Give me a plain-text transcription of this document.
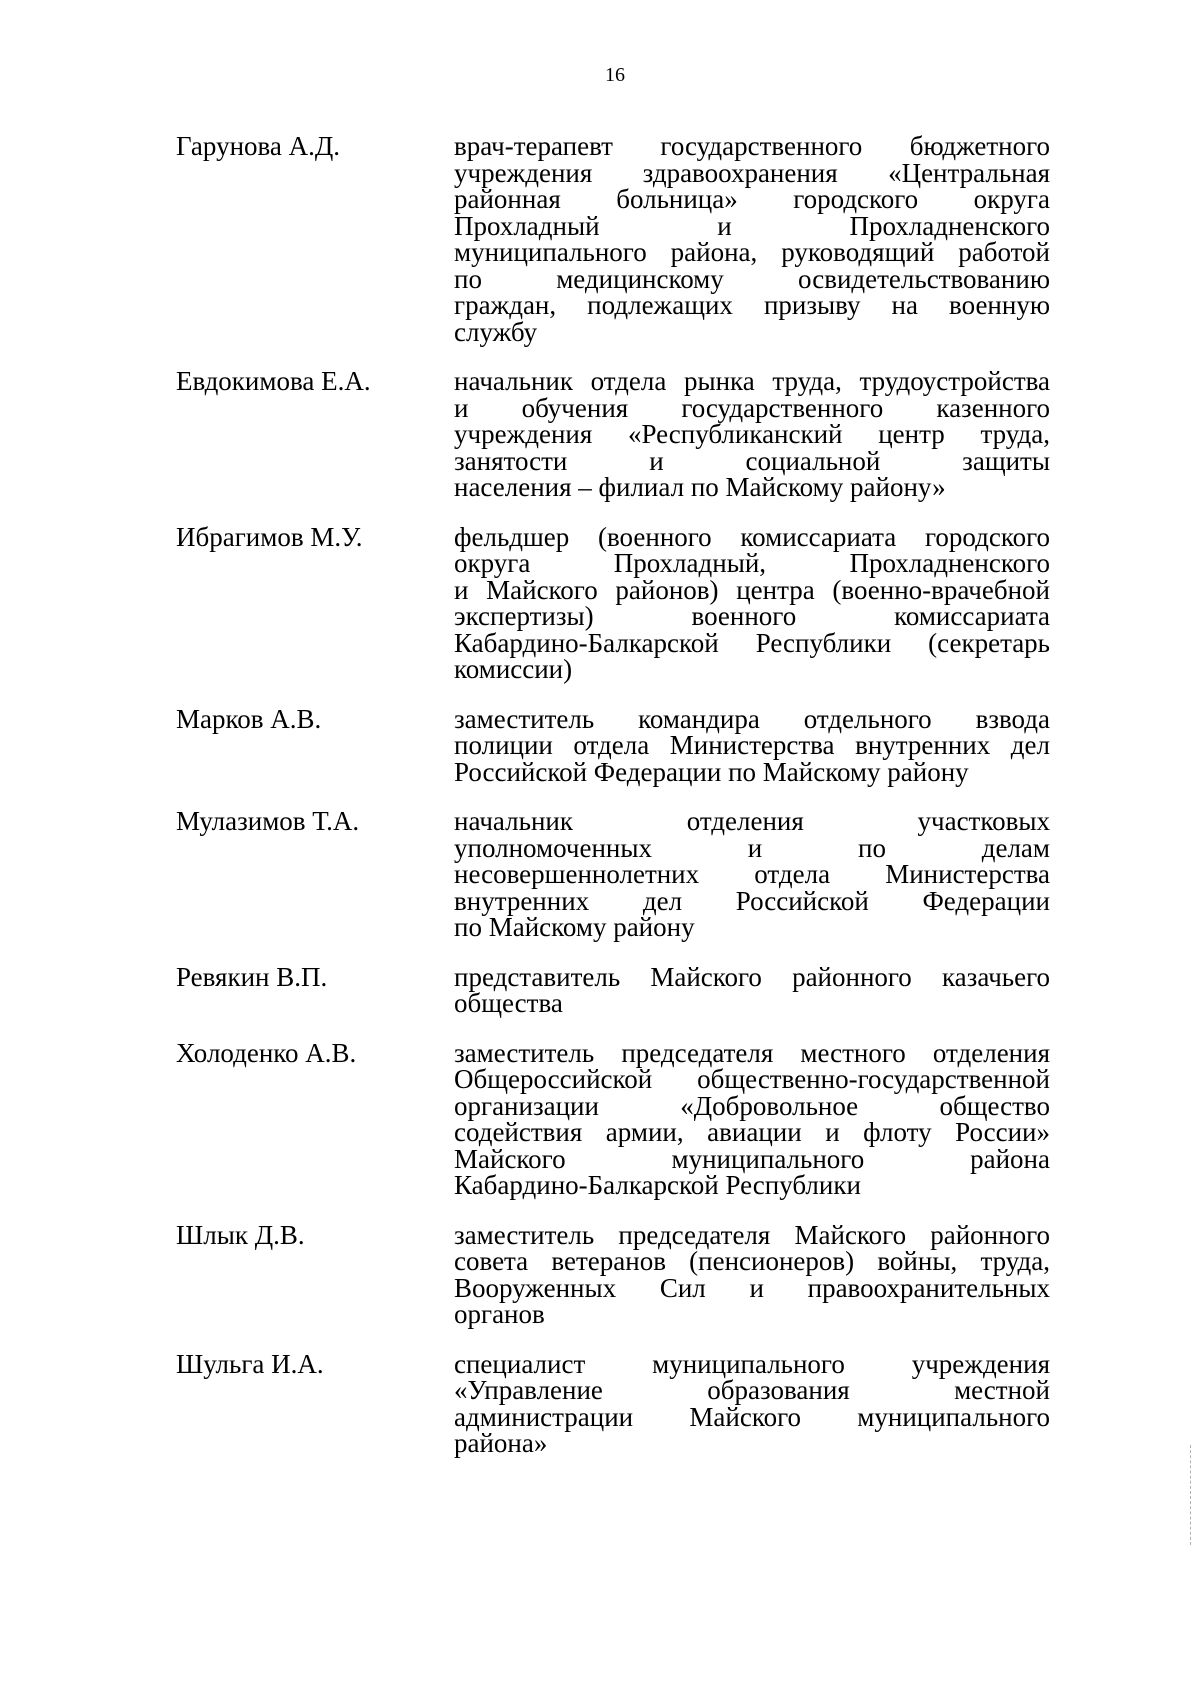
16
Гарунова А.Д.	врач-терапевт государственного бюджетного
учреждения здравоохранения «Центральная
районная больница» городского округа
Прохладный и Прохладненского
муниципального района, руководящий работой
по медицинскому освидетельствованию
граждан, подлежащих призыву на военную
службу
Евдокимова Е.А.	начальник отдела рынка труда, трудоустройства
и обучения государственного казенного
учреждения «Республиканский центр труда,
занятости и социальной защиты
населения – филиал по Майскому району»
Ибрагимов М.У.	фельдшер (военного комиссариата городского
округа Прохладный, Прохладненского
и Майского районов) центра (военно-врачебной
экспертизы) военного комиссариата
Кабардино-Балкарской Республики (секретарь
комиссии)
Марков А.В.	заместитель командира отдельного взвода
полиции отдела Министерства внутренних дел
Российской Федерации по Майскому району
Мулазимов Т.А.	начальник отделения участковых
уполномоченных и по делам
несовершеннолетних отдела Министерства
внутренних дел Российской Федерации
по Майскому району
Ревякин В.П.	представитель Майского районного казачьего
общества
Холоденко А.В.	заместитель председателя местного отделения
Общероссийской общественно-государственной
организации «Добровольное общество
содействия армии, авиации и флоту России»
Майского муниципального района
Кабардино-Балкарской Республики
Шлык Д.В.	заместитель председателя Майского районного
совета ветеранов (пенсионеров) войны, труда,
Вооруженных Сил и правоохранительных
органов
Шульга И.А.	специалист муниципального учреждения
«Управление образования местной
администрации Майского муниципального
района»
